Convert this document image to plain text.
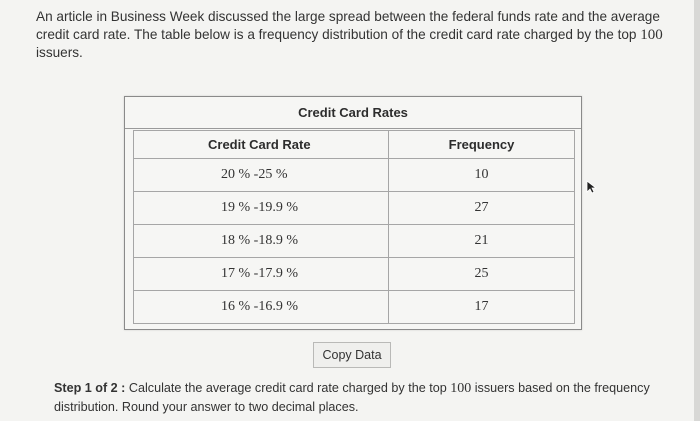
An article in Business Week discussed the large spread between the federal funds rate and the average credit card rate. The table below is a frequency distribution of the credit card rate charged by the top 100 issuers.
Credit Card Rates
Credit Card Rate	Frequency
20 % -25 %	10
19 % -19.9 %	27
18 % -18.9 %	21
17 % -17.9 %	25
16 % -16.9 %	17
Copy Data
Step 1 of 2 : Calculate the average credit card rate charged by the top 100 issuers based on the frequency distribution. Round your answer to two decimal places.
